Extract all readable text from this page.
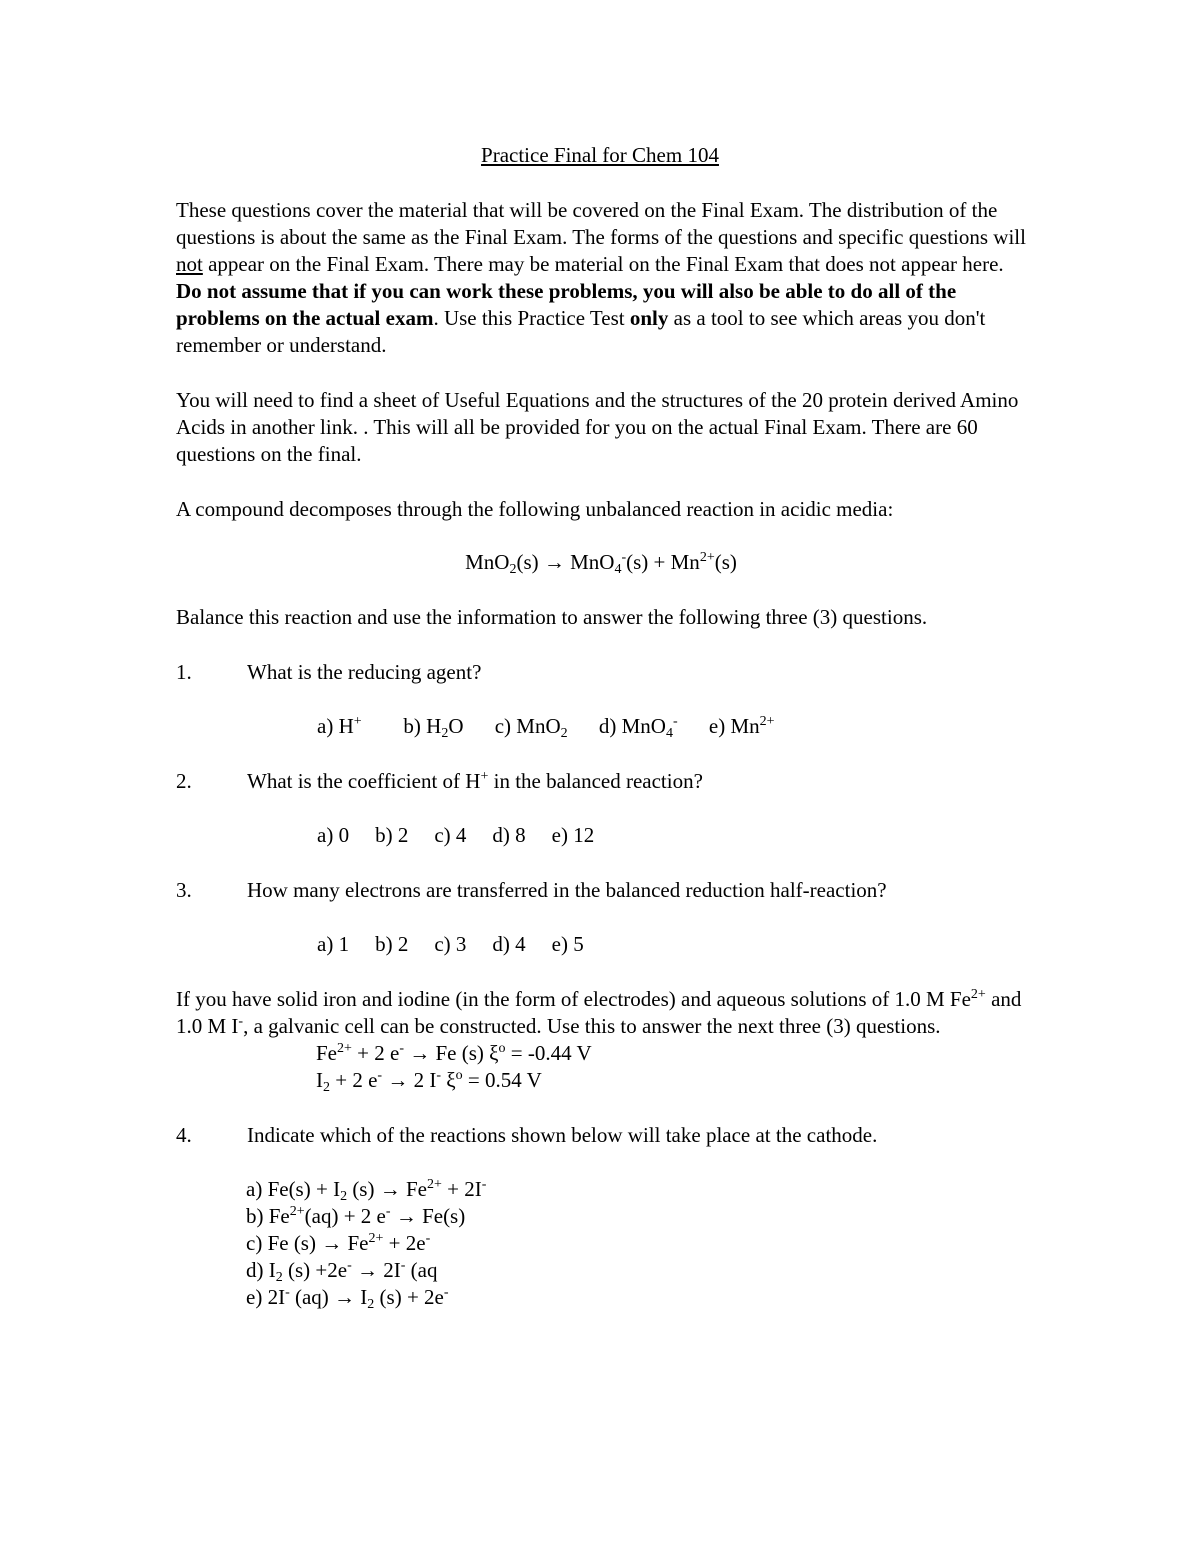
Practice Final for Chem 104

These questions cover the material that will be covered on the Final Exam. The distribution of the questions is about the same as the Final Exam. The forms of the questions and specific questions will not appear on the Final Exam. There may be material on the Final Exam that does not appear here. Do not assume that if you can work these problems, you will also be able to do all of the problems on the actual exam. Use this Practice Test only as a tool to see which areas you don't remember or understand.

You will need to find a sheet of Useful Equations and the structures of the 20 protein derived Amino Acids in another link. . This will all be provided for you on the actual Final Exam. There are 60 questions on the final.

A compound decomposes through the following unbalanced reaction in acidic media:

$MnO_2(s) \to MnO_4^-(s) + Mn^{2+}(s)$

Balance this reaction and use the information to answer the following three (3) questions.

1.	What is the reducing agent?

a) H+ b) $H_2O$ c) MnO$_2$ d) MnO$_4$- e) $Mn^{2+}$

2.	What is the coefficient of H+ in the balanced reaction?

a) 0 b) 2 c) 4 d) 8 e) 12

3.	How many electrons are transferred in the balanced reduction half-reaction?

a) 1 b) 2 c) 3 d) 4 e) 5

If you have solid iron and iodine (in the form of electrodes) and aqueous solutions of 1.0 M $Fe^{2+}$ and 1.0 M I-, a galvanic cell can be constructed. Use this to answer the next three (3) questions.

$Fe^{2+} + 2$ e- → Fe (s) $\xi^o = -0.44$ V

$I_2 + 2$ e- → 2 I- $\xi^o = 0.54$ V

4.	Indicate which of the reactions shown below will take place at the cathode.

a) $Fe(s) + I_2$ $(s) \to Fe^{2+} + 2I^-$

b) $Fe^{2+}(aq) + 2$ e- → Fe(s)

c) Fe $(s) \to Fe^{2+} + 2e^-$

d) $I_2$ (s) +2e- → 2I- (aq

e) 2I- $(aq) \to I_2$ (s) + 2e-
